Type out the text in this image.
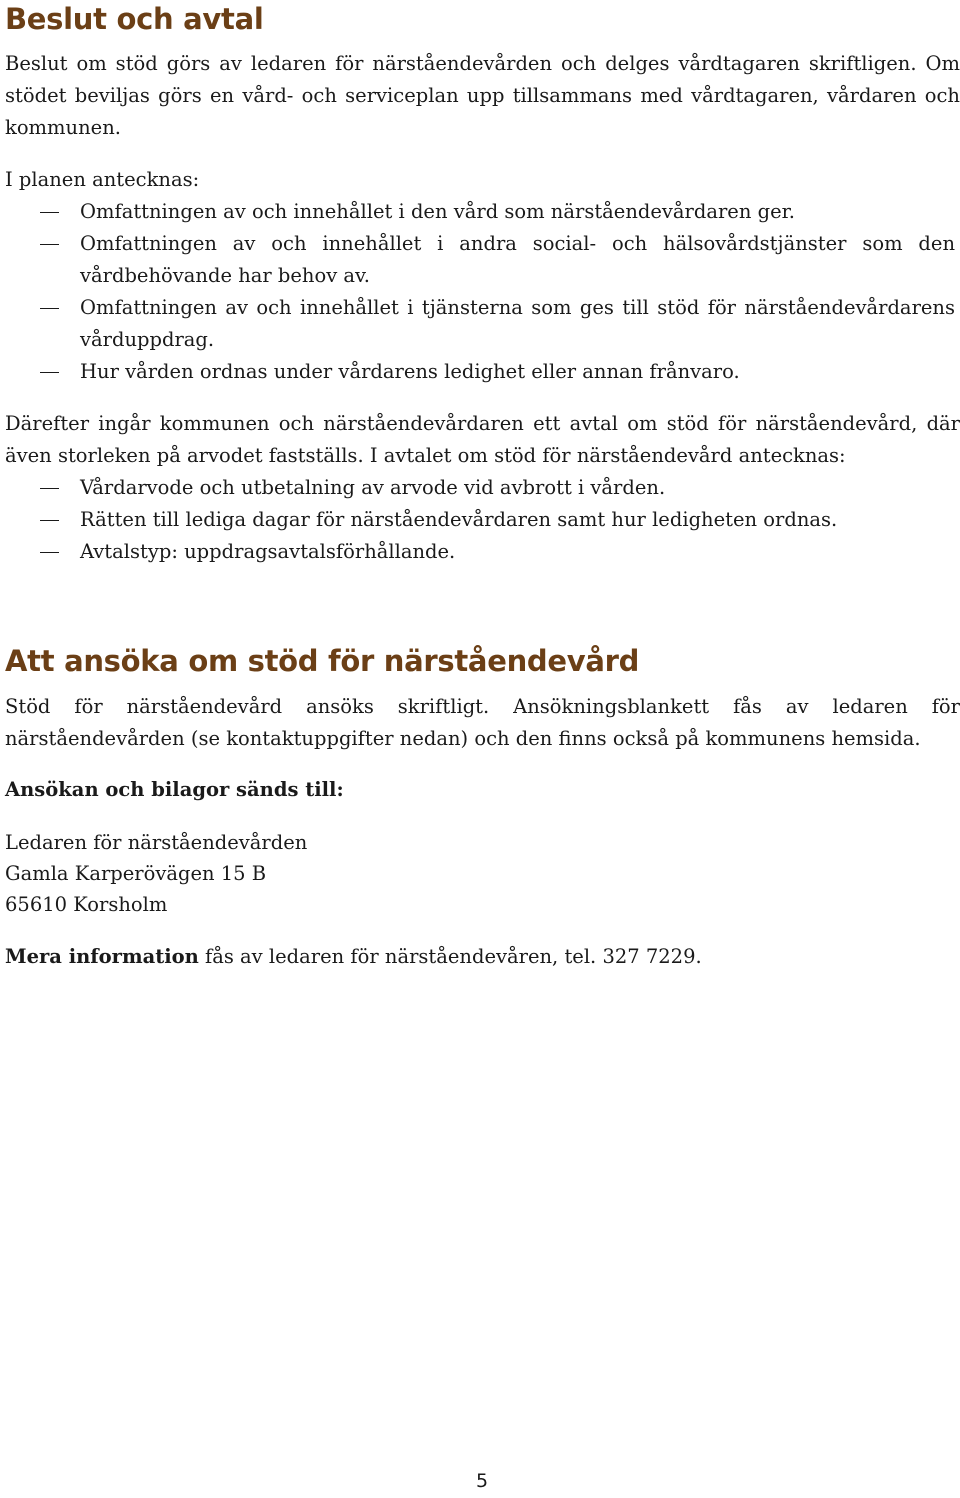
Beslut och avtal
Beslut om stöd görs av ledaren för närståendevården och delges vårdtagaren skriftligen. Om
stödet beviljas görs en vård- och serviceplan upp tillsammans med vårdtagaren, vårdaren och
kommunen.
I planen antecknas:
Omfattningen av och innehållet i den vård som närståendevårdaren ger.
Omfattningen av och innehållet i andra social- och hälsovårdstjänster som den
vårdbehövande har behov av.
Omfattningen av och innehållet i tjänsterna som ges till stöd för närståendevårdarens
vårduppdrag.
Hur vården ordnas under vårdarens ledighet eller annan frånvaro.
Därefter ingår kommunen och närståendevårdaren ett avtal om stöd för närståendevård, där
även storleken på arvodet fastställs. I avtalet om stöd för närståendevård antecknas:
Vårdarvode och utbetalning av arvode vid avbrott i vården.
Rätten till lediga dagar för närståendevårdaren samt hur ledigheten ordnas.
Avtalstyp: uppdragsavtalsförhållande.
Att ansöka om stöd för närståendevård
Stöd för närståendevård ansöks skriftligt. Ansökningsblankett fås av ledaren för
närståendevården (se kontaktuppgifter nedan) och den finns också på kommunens hemsida.
Ansökan och bilagor sänds till:
Ledaren för närståendevården
Gamla Karperövägen 15 B
65610 Korsholm
Mera information fås av ledaren för närståendevåren, tel. 327 7229.
5
